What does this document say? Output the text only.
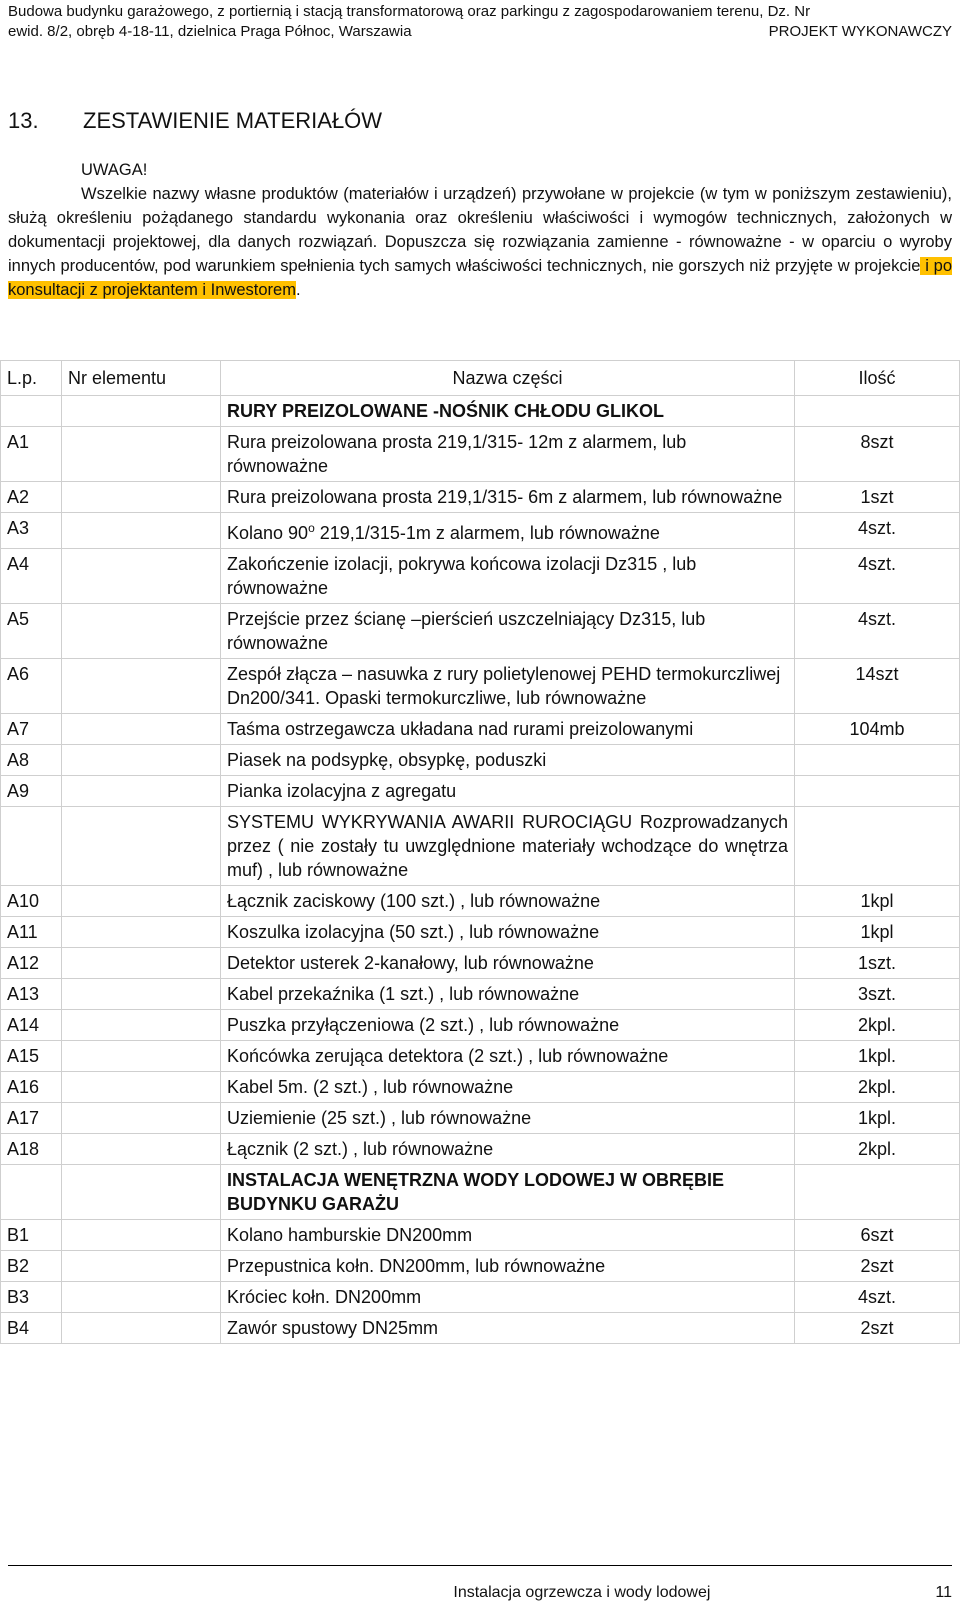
Budowa budynku garażowego, z portiernią i stacją transformatorową oraz parkingu z zagospodarowaniem terenu, Dz. Nr
ewid. 8/2, obręb 4-18-11, dzielnica Praga Północ, Warszawia	PROJEKT WYKONAWCZY
13. ZESTAWIENIE MATERIAŁÓW
UWAGA!

Wszelkie nazwy własne produktów (materiałów i urządzeń) przywołane w projekcie (w tym w poniższym zestawieniu), służą określeniu pożądanego standardu wykonania oraz określeniu właściwości i wymogów technicznych, założonych w dokumentacji projektowej, dla danych rozwiązań. Dopuszcza się rozwiązania zamienne - równoważne - w oparciu o wyroby innych producentów, pod warunkiem spełnienia tych samych właściwości technicznych, nie gorszych niż przyjęte w projekcie i po konsultacji z projektantem i Inwestorem.

L.p.	Nr elementu	Nazwa części	Ilość
		RURY PREIZOLOWANE -NOŚNIK CHŁODU GLIKOL	
A1		Rura preizolowana prosta 219,1/315- 12m z alarmem, lub równoważne	8szt
A2		Rura preizolowana prosta 219,1/315- 6m z alarmem, lub równoważne	1szt
A3		Kolano 90$^o$ 219,1/315-1m z alarmem, lub równoważne	4szt.
A4		Zakończenie izolacji, pokrywa końcowa izolacji Dz315 , lub równoważne	4szt.
A5		Przejście przez ścianę –pierścień uszczelniający Dz315, lub równoważne	4szt.
A6		Zespół złącza – nasuwka z rury polietylenowej PEHD termokurczliwej Dn200/341. Opaski termokurczliwe, lub równoważne	14szt
A7		Taśma ostrzegawcza układana nad rurami preizolowanymi	104mb
A8		Piasek na podsypkę, obsypkę, poduszki	
A9		Pianka izolacyjna z agregatu	
		SYSTEMU WYKRYWANIA AWARII RUROCIĄGU Rozprowadzanych przez ( nie zostały tu uwzględnione materiały wchodzące do wnętrza muf) , lub równoważne	
A10		Łącznik zaciskowy (100 szt.) , lub równoważne	1kpl
A11		Koszulka izolacyjna (50 szt.) , lub równoważne	1kpl
A12		Detektor usterek 2-kanałowy, lub równoważne	1szt.
A13		Kabel przekaźnika (1 szt.) , lub równoważne	3szt.
A14		Puszka przyłączeniowa (2 szt.) , lub równoważne	2kpl.
A15		Końcówka zerująca detektora (2 szt.) , lub równoważne	1kpl.
A16		Kabel 5m. (2 szt.) , lub równoważne	2kpl.
A17		Uziemienie (25 szt.) , lub równoważne	1kpl.
A18		Łącznik (2 szt.) , lub równoważne	2kpl.
		INSTALACJA WENĘTRZNA WODY LODOWEJ W OBRĘBIE BUDYNKU GARAŻU	
B1		Kolano hamburskie DN200mm	6szt
B2		Przepustnica kołn. DN200mm, lub równoważne	2szt
B3		Króciec kołn. DN200mm	4szt.
B4		Zawór spustowy DN25mm	2szt
Instalacja ogrzewcza i wody lodowej	11
